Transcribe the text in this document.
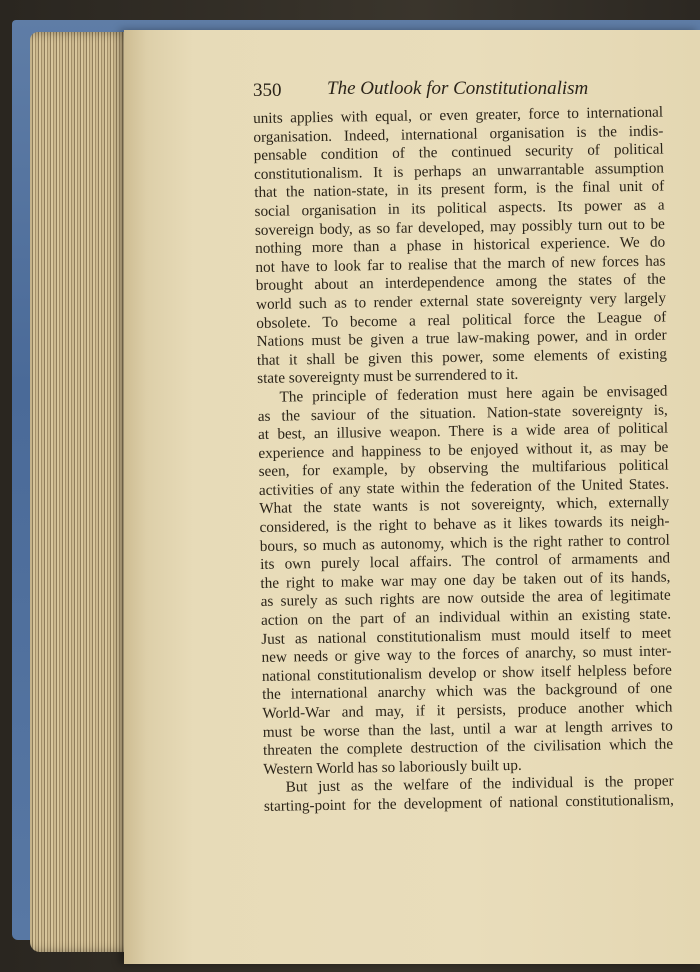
350 The Outlook for Constitutionalism
units applies with equal, or even greater, force to international
organisation. Indeed, international organisation is the indis-
pensable condition of the continued security of political
constitutionalism. It is perhaps an unwarrantable assumption
that the nation-state, in its present form, is the final unit of
social organisation in its political aspects. Its power as a
sovereign body, as so far developed, may possibly turn out to be
nothing more than a phase in historical experience. We do
not have to look far to realise that the march of new forces has
brought about an interdependence among the states of the
world such as to render external state sovereignty very largely
obsolete. To become a real political force the League of
Nations must be given a true law-making power, and in order
that it shall be given this power, some elements of existing
state sovereignty must be surrendered to it.
The principle of federation must here again be envisaged
as the saviour of the situation. Nation-state sovereignty is,
at best, an illusive weapon. There is a wide area of political
experience and happiness to be enjoyed without it, as may be
seen, for example, by observing the multifarious political
activities of any state within the federation of the United States.
What the state wants is not sovereignty, which, externally
considered, is the right to behave as it likes towards its neigh-
bours, so much as autonomy, which is the right rather to control
its own purely local affairs. The control of armaments and
the right to make war may one day be taken out of its hands,
as surely as such rights are now outside the area of legitimate
action on the part of an individual within an existing state.
Just as national constitutionalism must mould itself to meet
new needs or give way to the forces of anarchy, so must inter-
national constitutionalism develop or show itself helpless before
the international anarchy which was the background of one
World-War and may, if it persists, produce another which
must be worse than the last, until a war at length arrives to
threaten the complete destruction of the civilisation which the
Western World has so laboriously built up.
But just as the welfare of the individual is the proper
starting-point for the development of national constitutionalism,
